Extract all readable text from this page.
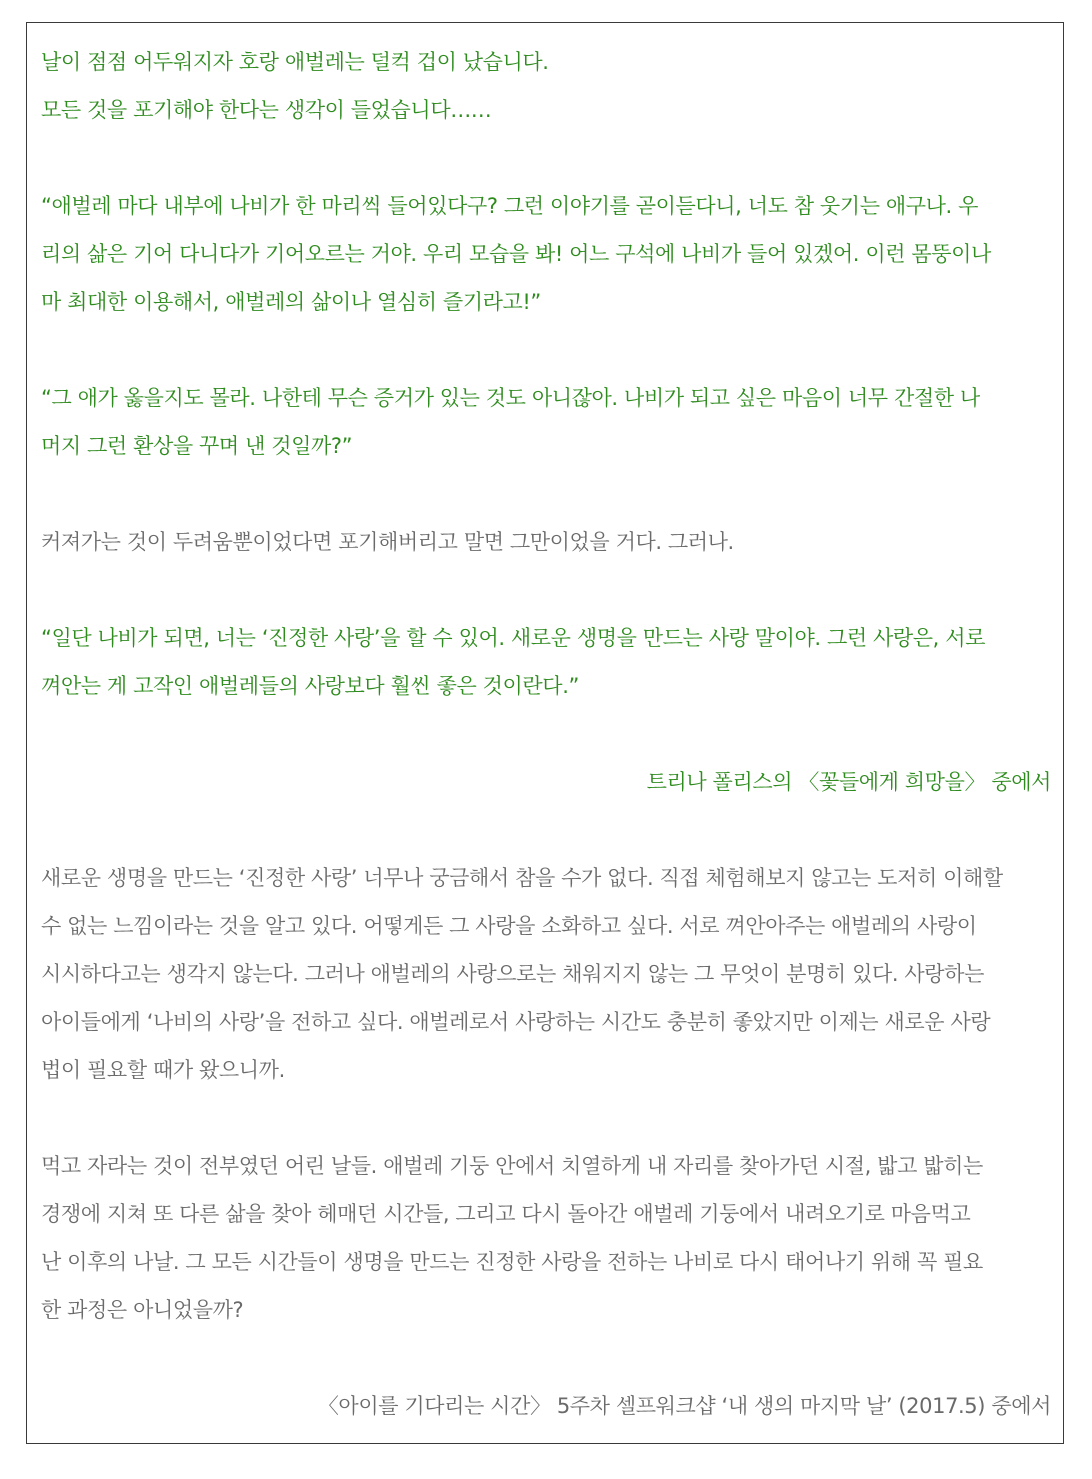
날이 점점 어두워지자 호랑 애벌레는 덜컥 겁이 났습니다.
모든 것을 포기해야 한다는 생각이 들었습니다……
“애벌레 마다 내부에 나비가 한 마리씩 들어있다구? 그런 이야기를 곧이듣다니, 너도 참 웃기는 애구나. 우
리의 삶은 기어 다니다가 기어오르는 거야. 우리 모습을 봐! 어느 구석에 나비가 들어 있겠어. 이런 몸뚱이나
마 최대한 이용해서, 애벌레의 삶이나 열심히 즐기라고!”
“그 애가 옳을지도 몰라. 나한테 무슨 증거가 있는 것도 아니잖아. 나비가 되고 싶은 마음이 너무 간절한 나
머지 그런 환상을 꾸며 낸 것일까?”
커져가는 것이 두려움뿐이었다면 포기해버리고 말면 그만이었을 거다. 그러나.
“일단 나비가 되면, 너는 ‘진정한 사랑’을 할 수 있어. 새로운 생명을 만드는 사랑 말이야. 그런 사랑은, 서로
껴안는 게 고작인 애벌레들의 사랑보다 훨씬 좋은 것이란다.”
트리나 폴리스의 〈꽃들에게 희망을〉 중에서
새로운 생명을 만드는 ‘진정한 사랑’ 너무나 궁금해서 참을 수가 없다. 직접 체험해보지 않고는 도저히 이해할
수 없는 느낌이라는 것을 알고 있다. 어떻게든 그 사랑을 소화하고 싶다. 서로 껴안아주는 애벌레의 사랑이
시시하다고는 생각지 않는다. 그러나 애벌레의 사랑으로는 채워지지 않는 그 무엇이 분명히 있다. 사랑하는
아이들에게 ‘나비의 사랑’을 전하고 싶다. 애벌레로서 사랑하는 시간도 충분히 좋았지만 이제는 새로운 사랑
법이 필요할 때가 왔으니까.
먹고 자라는 것이 전부였던 어린 날들. 애벌레 기둥 안에서 치열하게 내 자리를 찾아가던 시절, 밟고 밟히는
경쟁에 지쳐 또 다른 삶을 찾아 헤매던 시간들, 그리고 다시 돌아간 애벌레 기둥에서 내려오기로 마음먹고
난 이후의 나날. 그 모든 시간들이 생명을 만드는 진정한 사랑을 전하는 나비로 다시 태어나기 위해 꼭 필요
한 과정은 아니었을까?
〈아이를 기다리는 시간〉 5주차 셀프워크샵 ‘내 생의 마지막 날’ (2017.5) 중에서
